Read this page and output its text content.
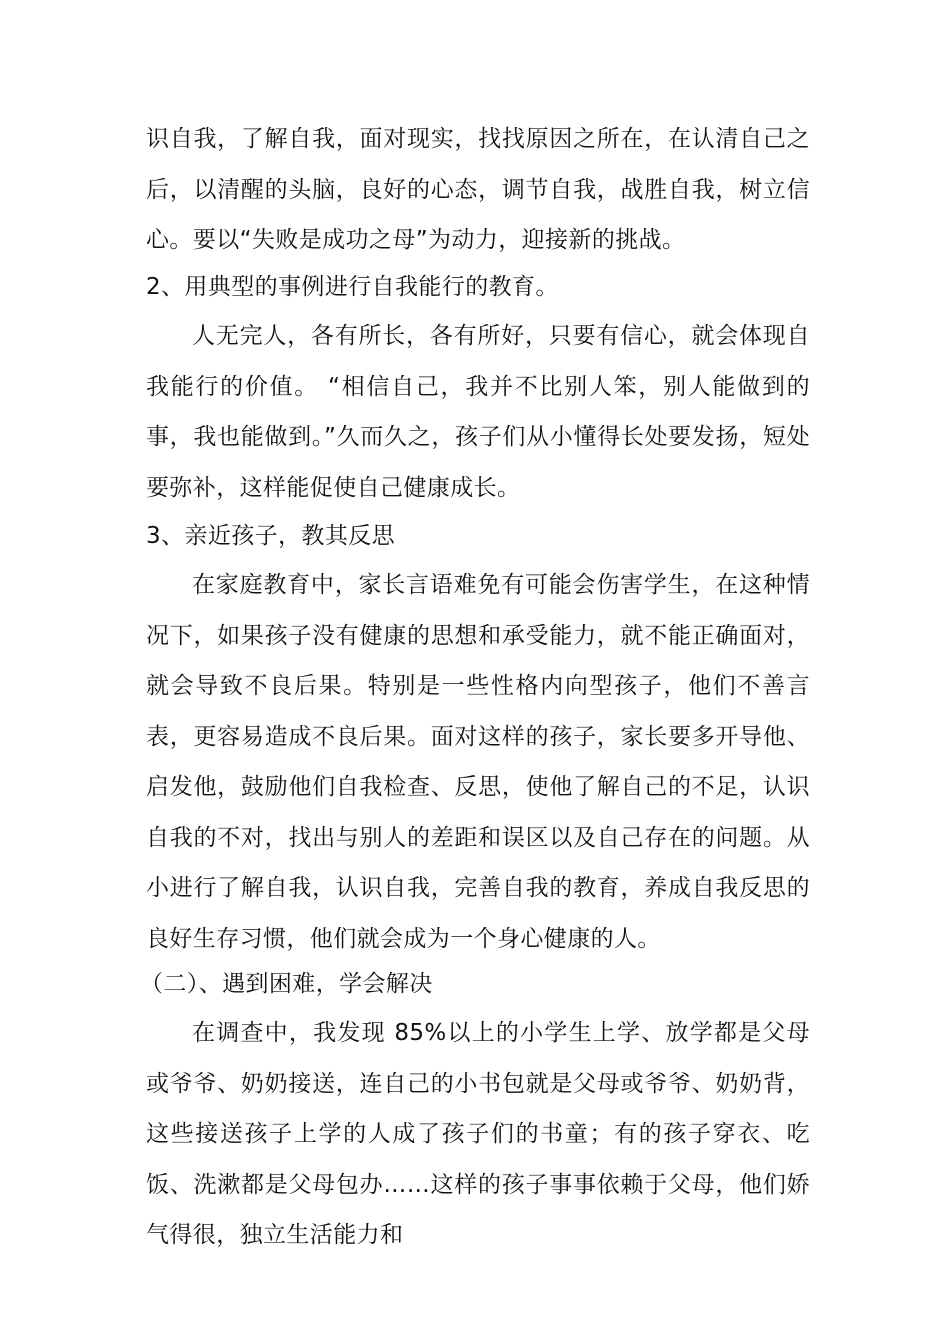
识自我，了解自我，面对现实，找找原因之所在，在认清自己之后，以清醒的头脑，良好的心态，调节自我，战胜自我，树立信心。要以“失败是成功之母”为动力，迎接新的挑战。
2、用典型的事例进行自我能行的教育。
人无完人，各有所长，各有所好，只要有信心，就会体现自我能行的价值。 “相信自己，我并不比别人笨，别人能做到的事，我也能做到。”久而久之，孩子们从小懂得长处要发扬，短处要弥补，这样能促使自己健康成长。
3、亲近孩子，教其反思
在家庭教育中，家长言语难免有可能会伤害学生，在这种情况下，如果孩子没有健康的思想和承受能力，就不能正确面对，就会导致不良后果。特别是一些性格内向型孩子，他们不善言表，更容易造成不良后果。面对这样的孩子，家长要多开导他、启发他，鼓励他们自我检查、反思，使他了解自己的不足，认识自我的不对，找出与别人的差距和误区以及自己存在的问题。从小进行了解自我，认识自我，完善自我的教育，养成自我反思的良好生存习惯，他们就会成为一个身心健康的人。
（二）、遇到困难，学会解决
在调查中，我发现 85%以上的小学生上学、放学都是父母或爷爷、奶奶接送，连自己的小书包就是父母或爷爷、奶奶背，这些接送孩子上学的人成了孩子们的书童；有的孩子穿衣、吃饭、洗漱都是父母包办……这样的孩子事事依赖于父母，他们娇气得很，独立生活能力和
